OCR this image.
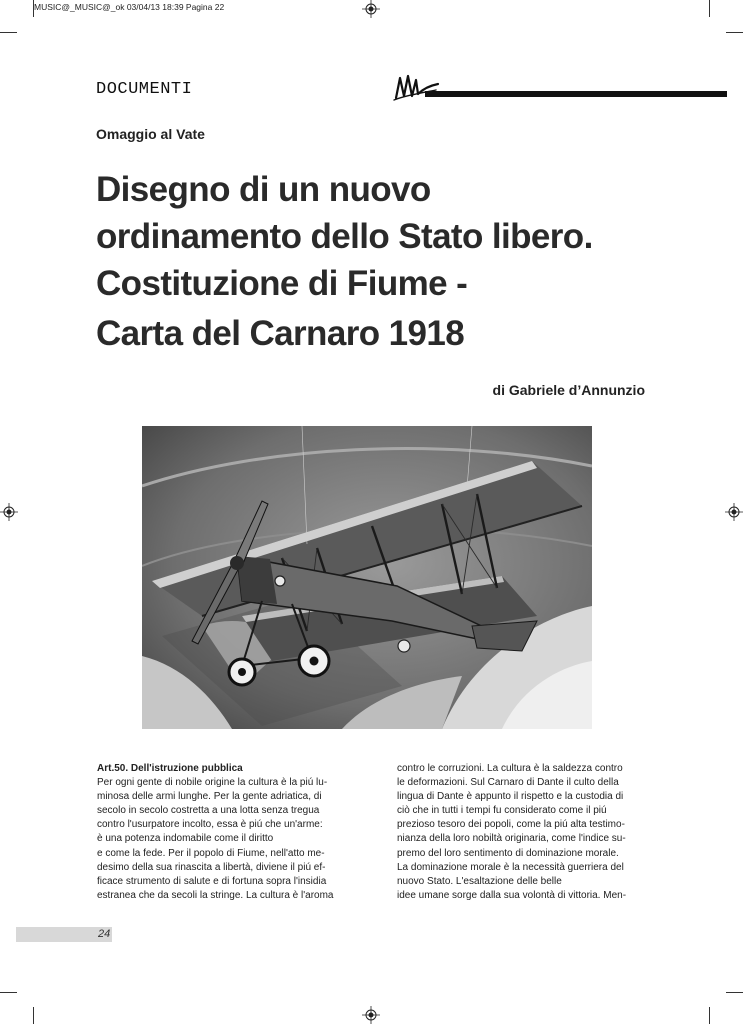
MUSIC@_MUSIC@_ok 03/04/13 18:39 Pagina 22
DOCUMENTI
Omaggio al Vate
Disegno di un nuovo
ordinamento dello Stato libero.
Costituzione di Fiume -
Carta del Carnaro 1918
di Gabriele d’Annunzio

Art.50. Dell'istruzione pubblica

Per ogni gente di nobile origine la cultura è la piú lu-

minosa delle armi lunghe. Per la gente adriatica, di

secolo in secolo costretta a una lotta senza tregua

contro l'usurpatore incolto, essa è piú che un'arme:

è una potenza indomabile come il diritto

e come la fede. Per il popolo di Fiume, nell'atto me-

desimo della sua rinascita a libertà, diviene il piú ef-

ficace strumento di salute e di fortuna sopra l'insidia

estranea che da secoli la stringe. La cultura è l'aroma

contro le corruzioni. La cultura è la saldezza contro

le deformazioni. Sul Carnaro di Dante il culto della

lingua di Dante è appunto il rispetto e la custodia di

ciò che in tutti i tempi fu considerato come il piú

prezioso tesoro dei popoli, come la piú alta testimo-

nianza della loro nobiltà originaria, come l'indice su-

premo del loro sentimento di dominazione morale.

La dominazione morale è la necessità guerriera del

nuovo Stato. L'esaltazione delle belle

idee umane sorge dalla sua volontà di vittoria. Men-

24
